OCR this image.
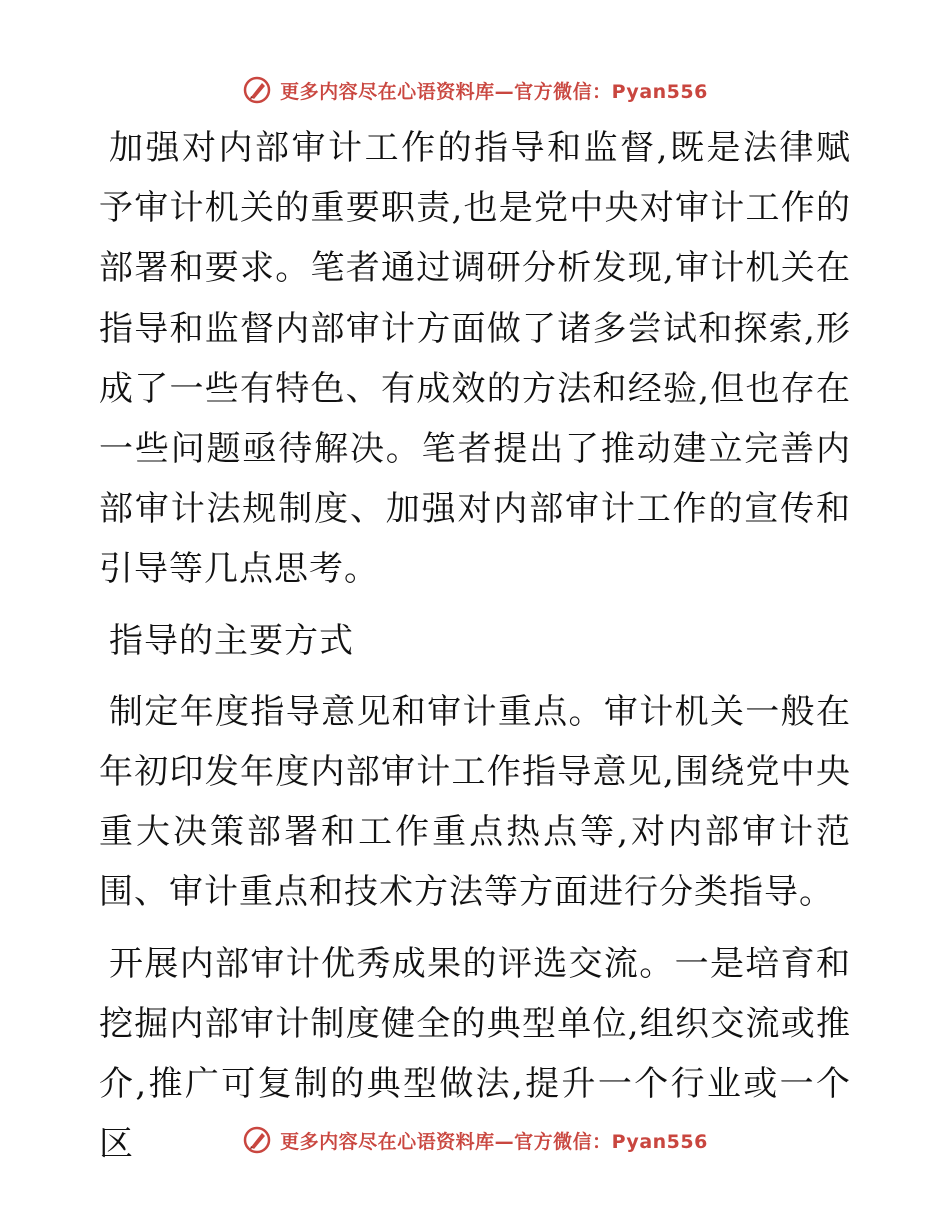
更多内容尽在心语资料库—官方微信：Pyan556

加强对内部审计工作的指导和监督,既是法律赋予审计机关的重要职责,也是党中央对审计工作的部署和要求。笔者通过调研分析发现,审计机关在指导和监督内部审计方面做了诸多尝试和探索,形成了一些有特色、有成效的方法和经验,但也存在一些问题亟待解决。笔者提出了推动建立完善内部审计法规制度、加强对内部审计工作的宣传和引导等几点思考。

指导的主要方式

制定年度指导意见和审计重点。审计机关一般在年初印发年度内部审计工作指导意见,围绕党中央重大决策部署和工作重点热点等,对内部审计范围、审计重点和技术方法等方面进行分类指导。

开展内部审计优秀成果的评选交流。一是培育和挖掘内部审计制度健全的典型单位,组织交流或推介,推广可复制的典型做法,提升一个行业或一个区	更多内容尽在心语资料库—官方微信：Pyan556
